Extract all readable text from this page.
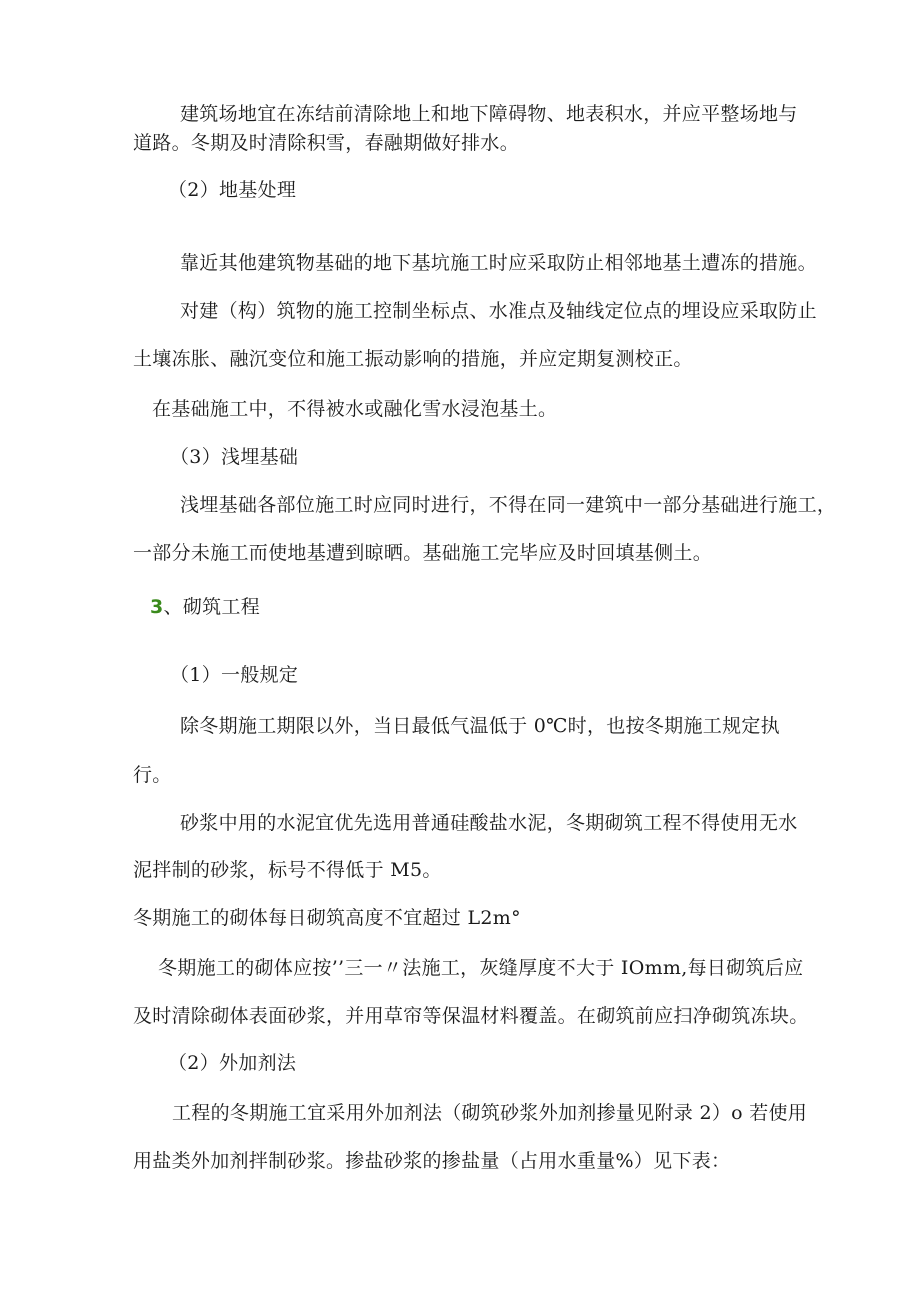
建筑场地宜在冻结前清除地上和地下障碍物、地表积水，并应平整场地与
道路。冬期及时清除积雪，春融期做好排水。
（2）地基处理
靠近其他建筑物基础的地下基坑施工时应采取防止相邻地基土遭冻的措施。
对建（构）筑物的施工控制坐标点、水准点及轴线定位点的埋设应采取防止
土壤冻胀、融沉变位和施工振动影响的措施，并应定期复测校正。
在基础施工中，不得被水或融化雪水浸泡基土。
（3）浅埋基础
浅埋基础各部位施工时应同时进行，不得在同一建筑中一部分基础进行施工，
一部分未施工而使地基遭到晾晒。基础施工完毕应及时回填基侧土。
3、砌筑工程
（1）一般规定
除冬期施工期限以外，当日最低气温低于 0℃时，也按冬期施工规定执
行。
砂浆中用的水泥宜优先选用普通硅酸盐水泥，冬期砌筑工程不得使用无水
泥拌制的砂浆，标号不得低于 M5。
冬期施工的砌体每日砌筑高度不宜超过 L2m°
冬期施工的砌体应按’’三一〃法施工，灰缝厚度不大于 IOmm,每日砌筑后应
及时清除砌体表面砂浆，并用草帘等保温材料覆盖。在砌筑前应扫净砌筑冻块。
（2）外加剂法
工程的冬期施工宜采用外加剂法（砌筑砂浆外加剂掺量见附录 2）o 若使用
用盐类外加剂拌制砂浆。掺盐砂浆的掺盐量（占用水重量%）见下表：
